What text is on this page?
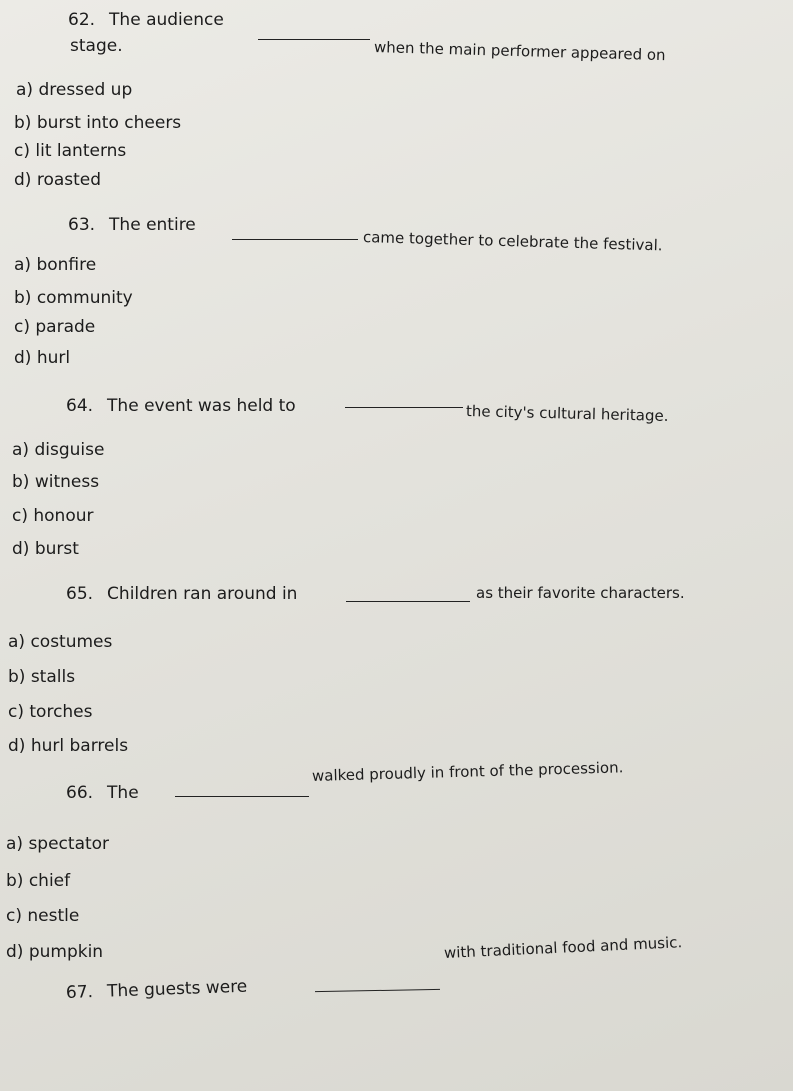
62. The audience
when the main performer appeared on
stage.
a) dressed up
b) burst into cheers
c) lit lanterns
d) roasted
63. The entire
came together to celebrate the festival.
a) bonfire
b) community
c) parade
d) hurl
64. The event was held to	the city's cultural heritage.
a) disguise
b) witness
c) honour
d) burst
65. Children ran around in	as their favorite characters.
a) costumes
b) stalls
c) torches
d) hurl barrels
66. The
walked proudly in front of the procession.
a) spectator
b) chief
c) nestle
d) pumpkin
67. The guests were
with traditional food and music.
